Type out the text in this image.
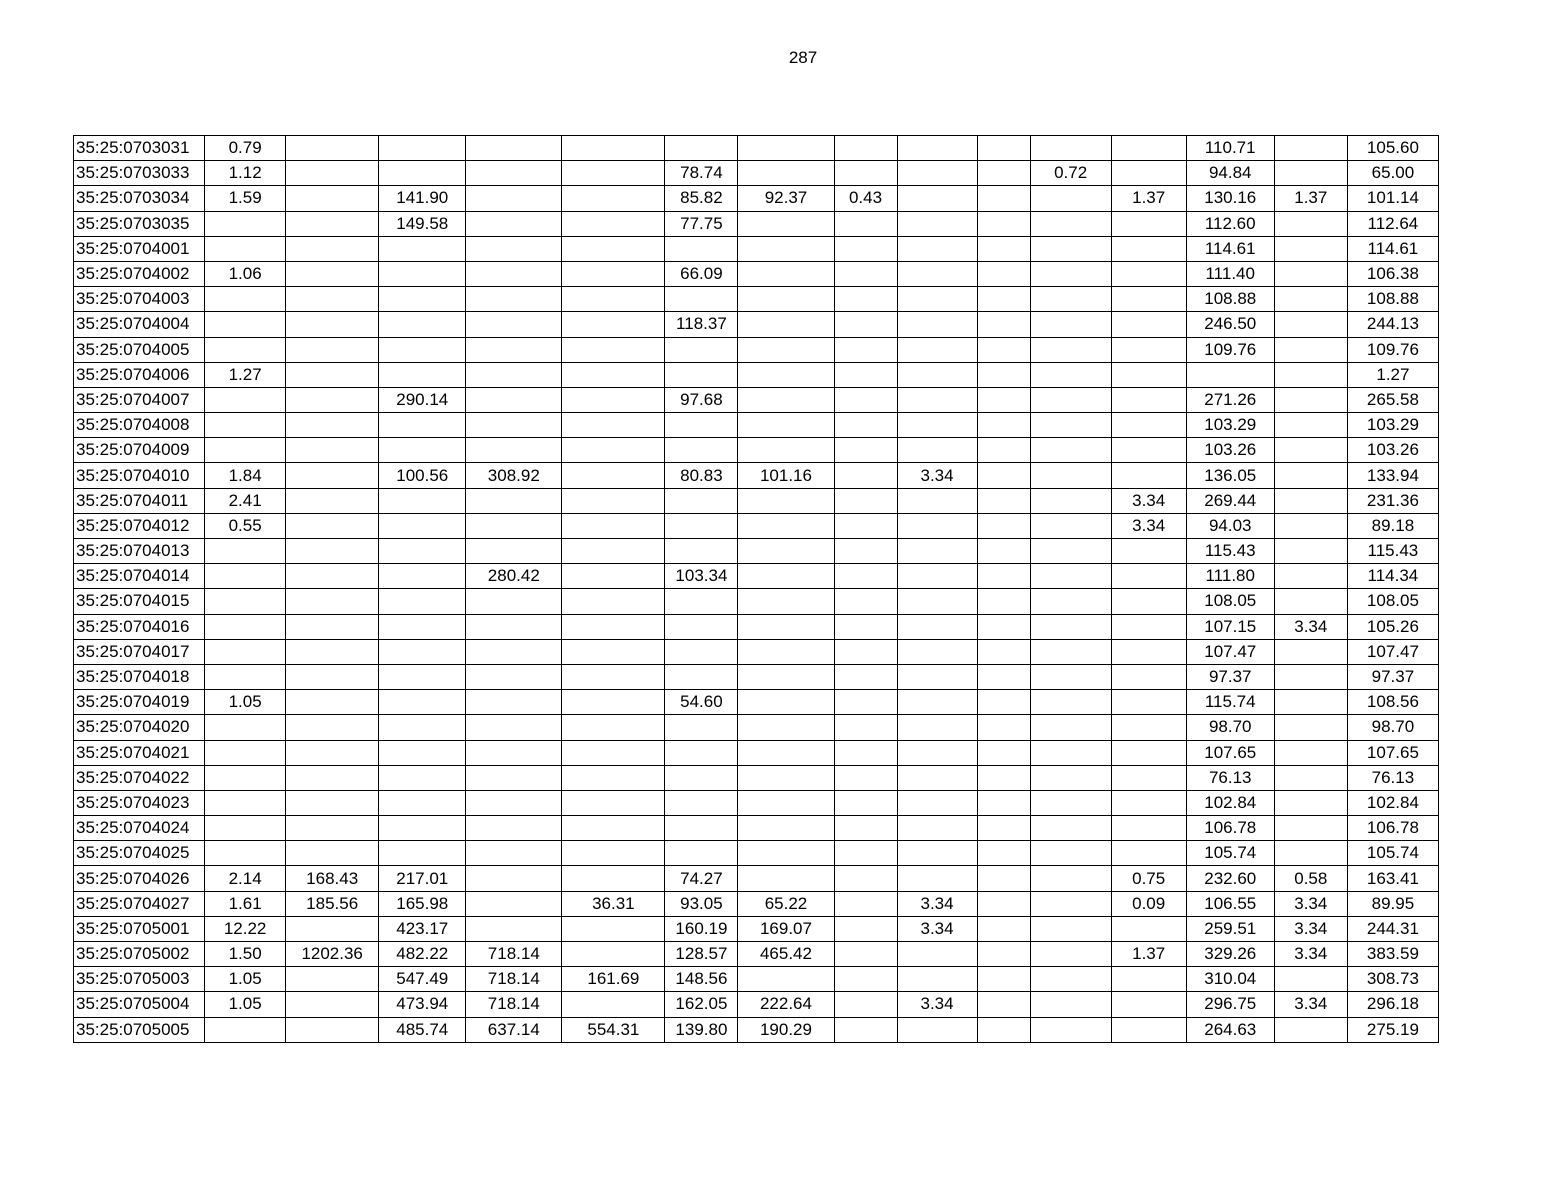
287
35:25:0703031	0.79												110.71		105.60
35:25:0703033	1.12					78.74					0.72		94.84		65.00
35:25:0703034	1.59		141.90			85.82	92.37	0.43				1.37	130.16	1.37	101.14
35:25:0703035			149.58			77.75							112.60		112.64
35:25:0704001													114.61		114.61
35:25:0704002	1.06					66.09							111.40		106.38
35:25:0704003													108.88		108.88
35:25:0704004						118.37							246.50		244.13
35:25:0704005													109.76		109.76
35:25:0704006	1.27														1.27
35:25:0704007			290.14			97.68							271.26		265.58
35:25:0704008													103.29		103.29
35:25:0704009													103.26		103.26
35:25:0704010	1.84		100.56	308.92		80.83	101.16		3.34				136.05		133.94
35:25:0704011	2.41											3.34	269.44		231.36
35:25:0704012	0.55											3.34	94.03		89.18
35:25:0704013													115.43		115.43
35:25:0704014				280.42		103.34							111.80		114.34
35:25:0704015													108.05		108.05
35:25:0704016													107.15	3.34	105.26
35:25:0704017													107.47		107.47
35:25:0704018													97.37		97.37
35:25:0704019	1.05					54.60							115.74		108.56
35:25:0704020													98.70		98.70
35:25:0704021													107.65		107.65
35:25:0704022													76.13		76.13
35:25:0704023													102.84		102.84
35:25:0704024													106.78		106.78
35:25:0704025													105.74		105.74
35:25:0704026	2.14	168.43	217.01			74.27						0.75	232.60	0.58	163.41
35:25:0704027	1.61	185.56	165.98		36.31	93.05	65.22		3.34			0.09	106.55	3.34	89.95
35:25:0705001	12.22		423.17			160.19	169.07		3.34				259.51	3.34	244.31
35:25:0705002	1.50	1202.36	482.22	718.14		128.57	465.42					1.37	329.26	3.34	383.59
35:25:0705003	1.05		547.49	718.14	161.69	148.56							310.04		308.73
35:25:0705004	1.05		473.94	718.14		162.05	222.64		3.34				296.75	3.34	296.18
35:25:0705005			485.74	637.14	554.31	139.80	190.29						264.63		275.19
